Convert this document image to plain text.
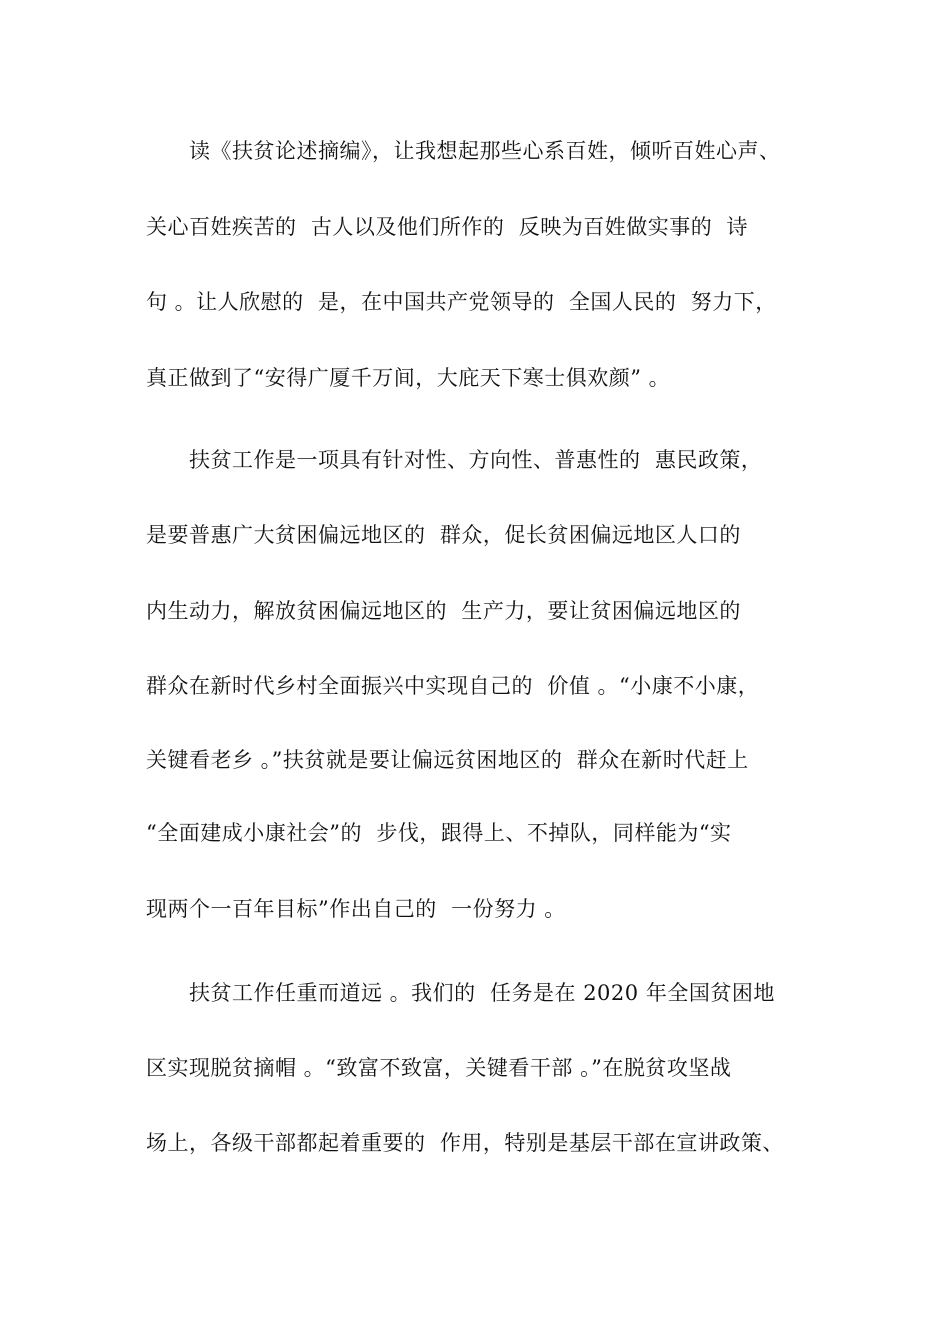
读《扶贫论述摘编》，让我想起那些心系百姓，倾听百姓心声、
关心百姓疾苦的  古人以及他们所作的  反映为百姓做实事的  诗
句 。让人欣慰的  是，在中国共产党领导的  全国人民的  努力下，
真正做到了“安得广厦千万间，大庇天下寒士俱欢颜” 。
扶贫工作是一项具有针对性、方向性、普惠性的  惠民政策，
是要普惠广大贫困偏远地区的  群众，促长贫困偏远地区人口的
内生动力，解放贫困偏远地区的  生产力，要让贫困偏远地区的
群众在新时代乡村全面振兴中实现自己的  价值 。“小康不小康，
关键看老乡 。”扶贫就是要让偏远贫困地区的  群众在新时代赶上
“全面建成小康社会”的  步伐，跟得上、不掉队，同样能为“实
现两个一百年目标”作出自己的  一份努力 。
扶贫工作任重而道远 。我们的  任务是在 2020 年全国贫困地
区实现脱贫摘帽 。“致富不致富，关键看干部 。”在脱贫攻坚战
场上，各级干部都起着重要的  作用，特别是基层干部在宣讲政策、
